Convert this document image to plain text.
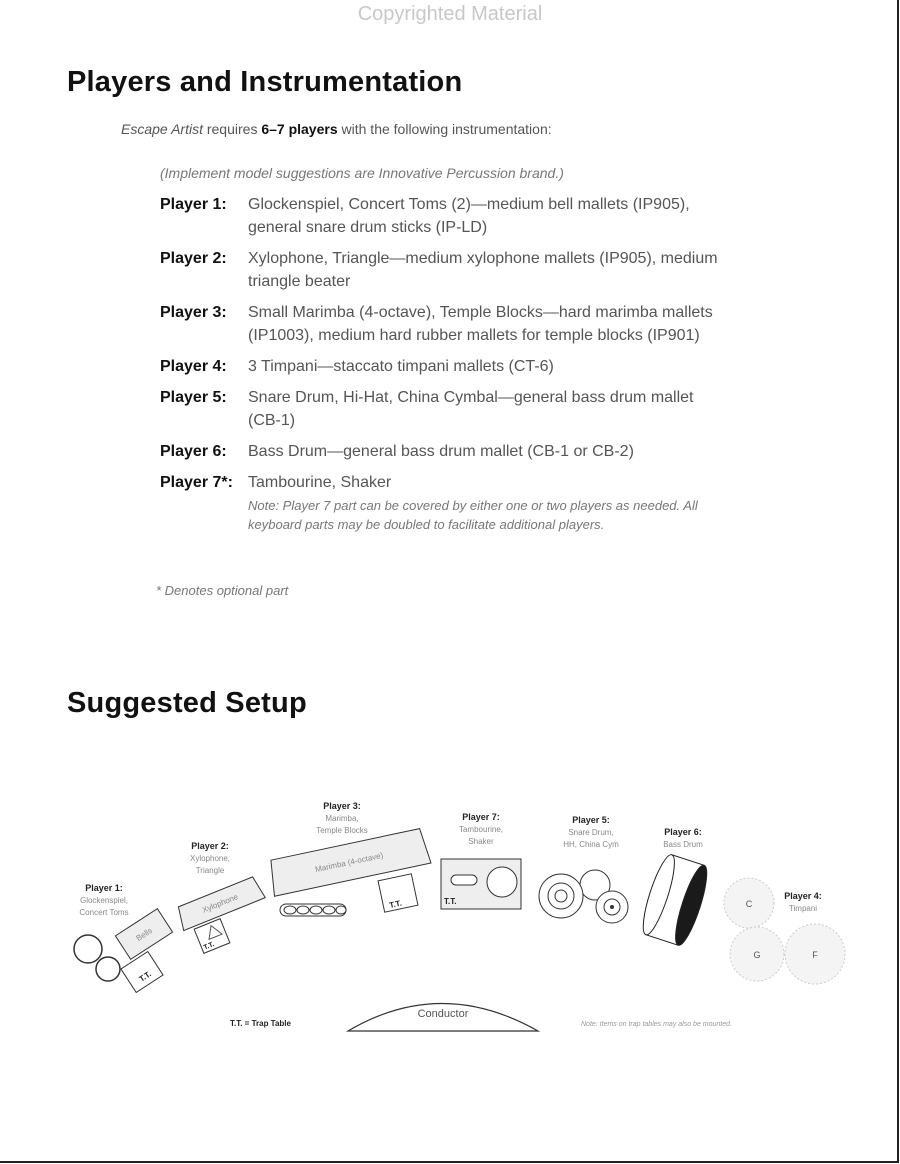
Copyrighted Material
Players and Instrumentation
Escape Artist requires 6–7 players with the following instrumentation:
(Implement model suggestions are Innovative Percussion brand.)
Player 1:	Glockenspiel, Concert Toms (2)—medium bell mallets (IP905), general snare drum sticks (IP-LD)
Player 2:	Xylophone, Triangle—medium xylophone mallets (IP905), medium triangle beater
Player 3:	Small Marimba (4-octave), Temple Blocks—hard marimba mallets (IP1003), medium hard rubber mallets for temple blocks (IP901)
Player 4:	3 Timpani—staccato timpani mallets (CT-6)
Player 5:	Snare Drum, Hi-Hat, China Cymbal—general bass drum mallet (CB-1)
Player 6:	Bass Drum—general bass drum mallet (CB-1 or CB-2)
Player 7*: Tambourine, Shaker
Note: Player 7 part can be covered by either one or two players as needed. All keyboard parts may be doubled to facilitate additional players.
* Denotes optional part
Suggested Setup
Player 1:
Glockenspiel,
Concert Toms
Bells
T.T.
Player 2:
Xylophone,
Triangle
Xylophone
T.T.
Player 3:
Marimba,
Temple Blocks
Marimba (4-octave)
T.T.
Player 7:
Tambourine,
Shaker
T.T.
Player 5:
Snare Drum,
HH, China Cym
Player 6:
Bass Drum
Player 4:
Timpani
C
G	F
Conductor
T.T. = Trap Table	Note: Items on trap tables may also be mounted.
